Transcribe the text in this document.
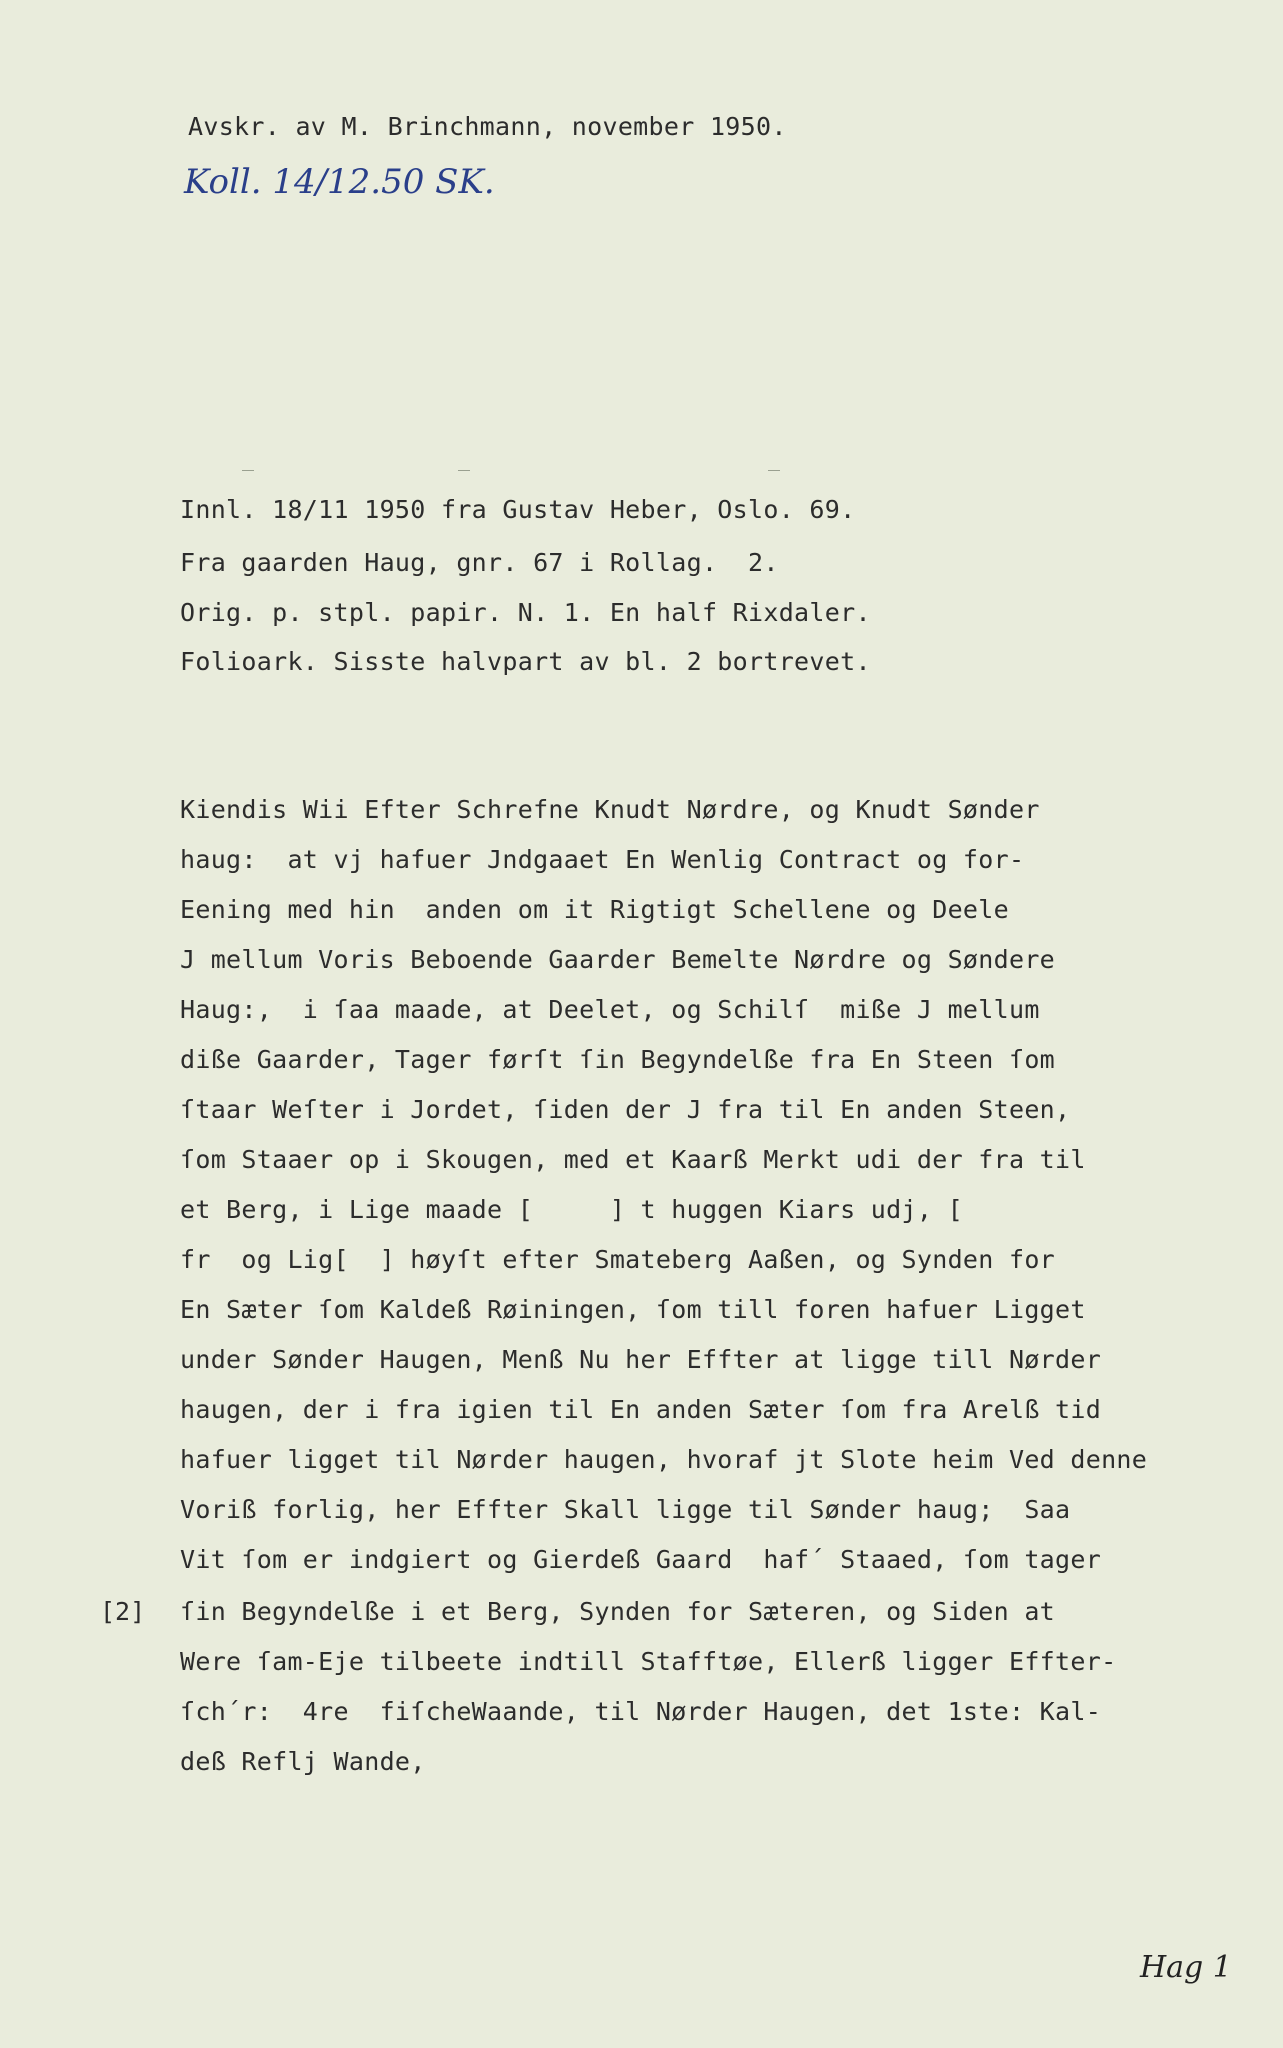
Avskr. av M. Brinchmann, november 1950.
Koll. 14/12.50 SK.
Innl. 18/11 1950 fra Gustav Heber, Oslo. 69.
Fra gaarden Haug, gnr. 67 i Rollag.  2.
Orig. p. stpl. papir. N. 1. En half Rixdaler.
Folioark. Sisste halvpart av bl. 2 bortrevet.
Kiendis Wii Efter Schrefne Knudt Nørdre, og Knudt Sønder
haug:  at vj hafuer Jndgaaet En Wenlig Contract og for-
Eening med hin  anden om it Rigtigt Schellene og Deele
J mellum Voris Beboende Gaarder Bemelte Nørdre og Søndere
Haug:,  i ſaa maade, at Deelet, og Schilſ  miße J mellum
dißе Gaarder, Tager førſt ſin Begyndelße fra En Steen ſom
ſtaar Weſter i Jordet, ſiden der J fra til En anden Steen,
ſom Staaer op i Skougen, med et Kaarß Merkt udi der fra til
et Berg, i Lige maade [     ] t huggen Kiars udj, [
fr  og Lig[  ] høyſt efter Smateberg Aaßen, og Synden for
En Sæter ſom Kaldeß Røiningen, ſom till foren hafuer Ligget
under Sønder Haugen, Menß Nu her Effter at ligge till Nørder
haugen, der i fra igien til En anden Sæter ſom fra Arelß tid
hafuer ligget til Nørder haugen, hvoraf jt Slote heim Ved denne
Voriß forlig, her Effter Skall ligge til Sønder haug;  Saa
Vit ſom er indgiert og Gierdeß Gaard  haf´ Staaed, ſom tager
[2] ſin Begyndelße i et Berg, Synden for Sæteren, og Siden at
Were ſam-Eje tilbeete indtill Stafftøe, Ellerß ligger Effter-
ſch´r:  4re  fiſcheWaande, til Nørder Haugen, det 1ste: Kal-
deß Reflj Wande,
Hag 1
